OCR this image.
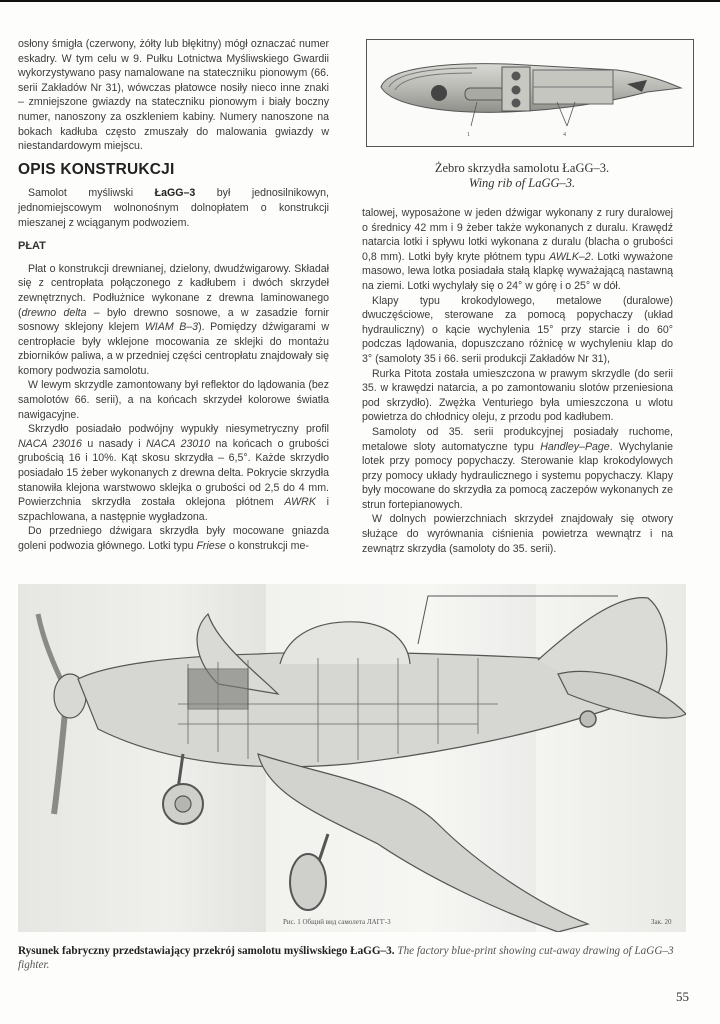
osłony śmigła (czerwony, żółty lub błękitny) mógł oznaczać numer eskadry. W tym celu w 9. Pułku Lotnictwa Myśliwskiego Gwardii wykorzystywano pasy namalowane na stateczniku pionowym (66. serii Zakładów Nr 31), wówczas płatowce nosiły nieco inne znaki – zmniejszone gwiazdy na stateczniku pionowym i biały boczny numer, nanoszony za oszkleniem kabiny. Numery nanoszone na bokach kadłuba często zmuszały do malowania gwiazdy w niestandardowym miejscu.

OPIS KONSTRUKCJI

Samolot myśliwski ŁaGG–3 był jednosilnikowyn, jednomiejscowym wolnonośnym dolnopłatem o konstrukcji mieszanej z wciąganym podwoziem.

PŁAT

Płat o konstrukcji drewnianej, dzielony, dwudźwigarowy. Składał się z centropłata połączonego z kadłubem i dwóch skrzydeł zewnętrznych. Podłużnice wykonane z drewna laminowanego (drewno delta – było drewno sosnowe, a w zasadzie fornir sosnowy sklejony klejem WIAM B–3). Pomiędzy dźwigarami w centropłacie były wklejone mocowania ze sklejki do montażu zbiorników paliwa, a w przedniej części centropłatu znajdowały się komory podwozia samolotu.

W lewym skrzydle zamontowany był reflektor do lądowania (bez samolotów 66. serii), a na końcach skrzydeł kolorowe światła nawigacyjne.

Skrzydło posiadało podwójny wypukły niesymetryczny profil NACA 23016 u nasady i NACA 23010 na końcach o grubości grubością 16 i 10%. Kąt skosu skrzydła – 6,5°. Każde skrzydło posiadało 15 żeber wykonanych z drewna delta. Pokrycie skrzydła stanowiła klejona warstwowo sklejka o grubości od 2,5 do 4 mm. Powierzchnia skrzydła została oklejona płótnem AWRK i szpachlowana, a następnie wygładzona.

Do przedniego dźwigara skrzydła były mocowane gniazda goleni podwozia głównego. Lotki typu Friese o konstrukcji me-

1	4
Żebro skrzydła samolotu ŁaGG–3.
Wing rib of LaGG–3.

talowej, wyposażone w jeden dźwigar wykonany z rury duralowej o średnicy 42 mm i 9 żeber także wykonanych z duralu. Krawędź natarcia lotki i spływu lotki wykonana z duralu (blacha o grubości 0,8 mm). Lotki były kryte płótnem typu AWLK–2. Lotki wyważone masowo, lewa lotka posiadała stałą klapkę wyważającą nastawną na ziemi. Lotki wychylały się o 24° w górę i o 25° w dół.

Klapy typu krokodylowego, metalowe (duralowe) dwuczęściowe, sterowane za pomocą popychaczy (układ hydrauliczny) o kącie wychylenia 15° przy starcie i do 60° podczas lądowania, dopuszczano różnicę w wychyleniu klap do 3° (samoloty 35 i 66. serii produkcji Zakładów Nr 31),

Rurka Pitota została umieszczona w prawym skrzydle (do serii 35. w krawędzi natarcia, a po zamontowaniu slotów przeniesiona pod skrzydło). Zwężka Venturiego była umieszczona u wlotu powietrza do chłodnicy oleju, z przodu pod kadłubem.

Samoloty od 35. serii produkcyjnej posiadały ruchome, metalowe sloty automatyczne typu Handley–Page. Wychylanie lotek przy pomocy popychaczy. Sterowanie klap krokodylowych przy pomocy układy hydraulicznego i systemu popychaczy. Klapy były mocowane do skrzydła za pomocą zaczepów wykonanych ze strun fortepianowych.

W dolnych powierzchniach skrzydeł znajdowały się otwory służące do wyrównania ciśnienia powietrza wewnątrz i na zewnątrz skrzydła (samoloty do 35. serii).

Рис. 1 Общий вид самолета ЛАГГ-3	Зак. 20
Rysunek fabryczny przedstawiający przekrój samolotu myśliwskiego ŁaGG–3. The factory blue-print showing cut-away drawing of LaGG–3 fighter.
55
